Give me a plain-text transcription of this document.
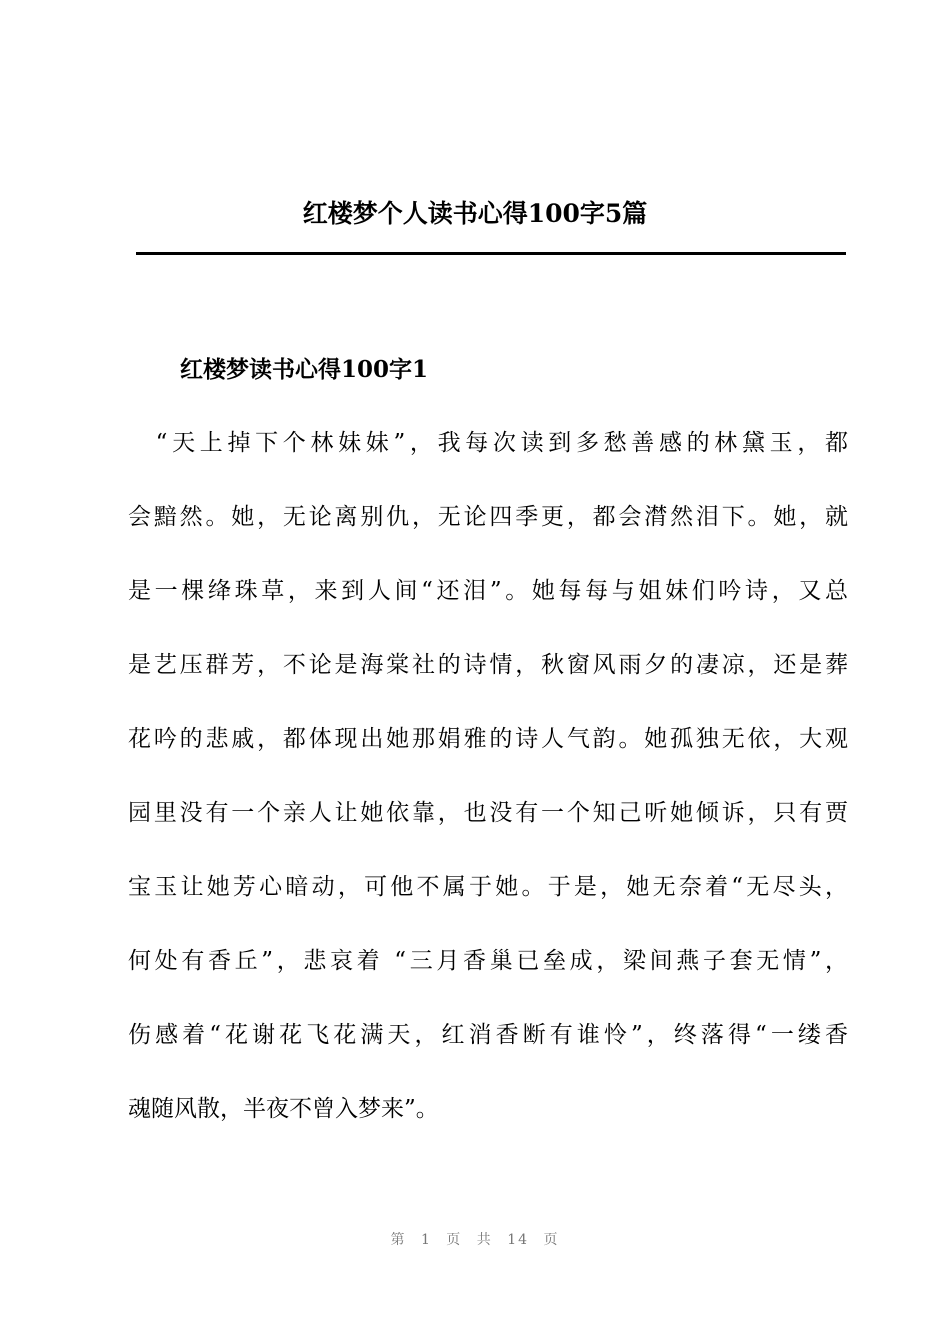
红楼梦个人读书心得100字5篇
红楼梦读书心得100字1
　“天上掉下个林妹妹”，我每次读到多愁善感的林黛玉，都
会黯然。她，无论离别仇，无论四季更，都会潸然泪下。她，就
是一棵绛珠草，来到人间“还泪”。她每每与姐妹们吟诗，又总
是艺压群芳，不论是海棠社的诗情，秋窗风雨夕的凄凉，还是葬
花吟的悲戚，都体现出她那娟雅的诗人气韵。她孤独无依，大观
园里没有一个亲人让她依靠，也没有一个知己听她倾诉，只有贾
宝玉让她芳心暗动，可他不属于她。于是，她无奈着“无尽头，
何处有香丘”，悲哀着 “三月香巢已垒成，梁间燕子套无情”，
伤感着“花谢花飞花满天，红消香断有谁怜”，终落得“一缕香
魂随风散，半夜不曾入梦来”。
第 1 页 共 14 页
